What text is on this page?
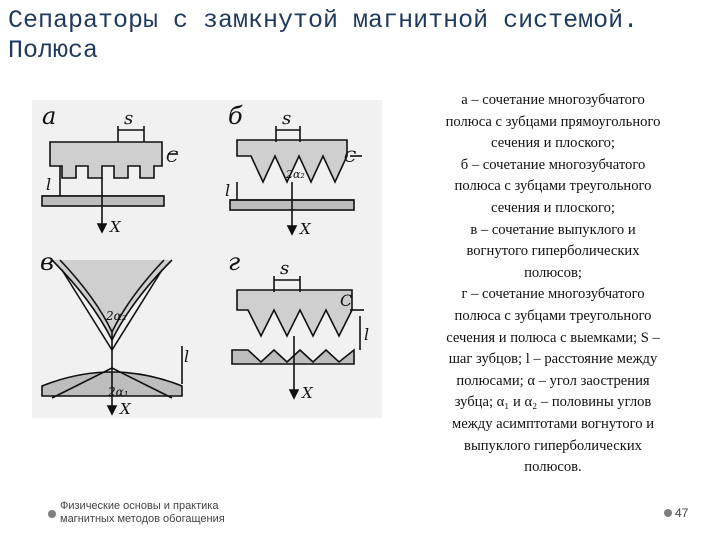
Сепараторы с замкнутой магнитной системой.
Полюса
а	s
C
l
X
б s
C
2α₂
l
X
в
2α₂
2α₁
l
X
г s
C
l
X

а – сочетание многозубчатого

полюса с зубцами прямоугольного

сечения и плоского;

б – сочетание многозубчатого

полюса с зубцами треугольного

сечения и плоского;

в – сочетание выпуклого и

вогнутого гиперболических

полюсов;

г – сочетание многозубчатого

полюса с зубцами треугольного

сечения и полюса с выемками; S –

шаг зубцов; l – расстояние между

полюсами; α – угол заострения

зубца; α₁ и α₂ – половины углов

между асимптотами вогнутого и

выпуклого гиперболических

полюсов.

Физические основы и практика
магнитных методов обогащения	47
